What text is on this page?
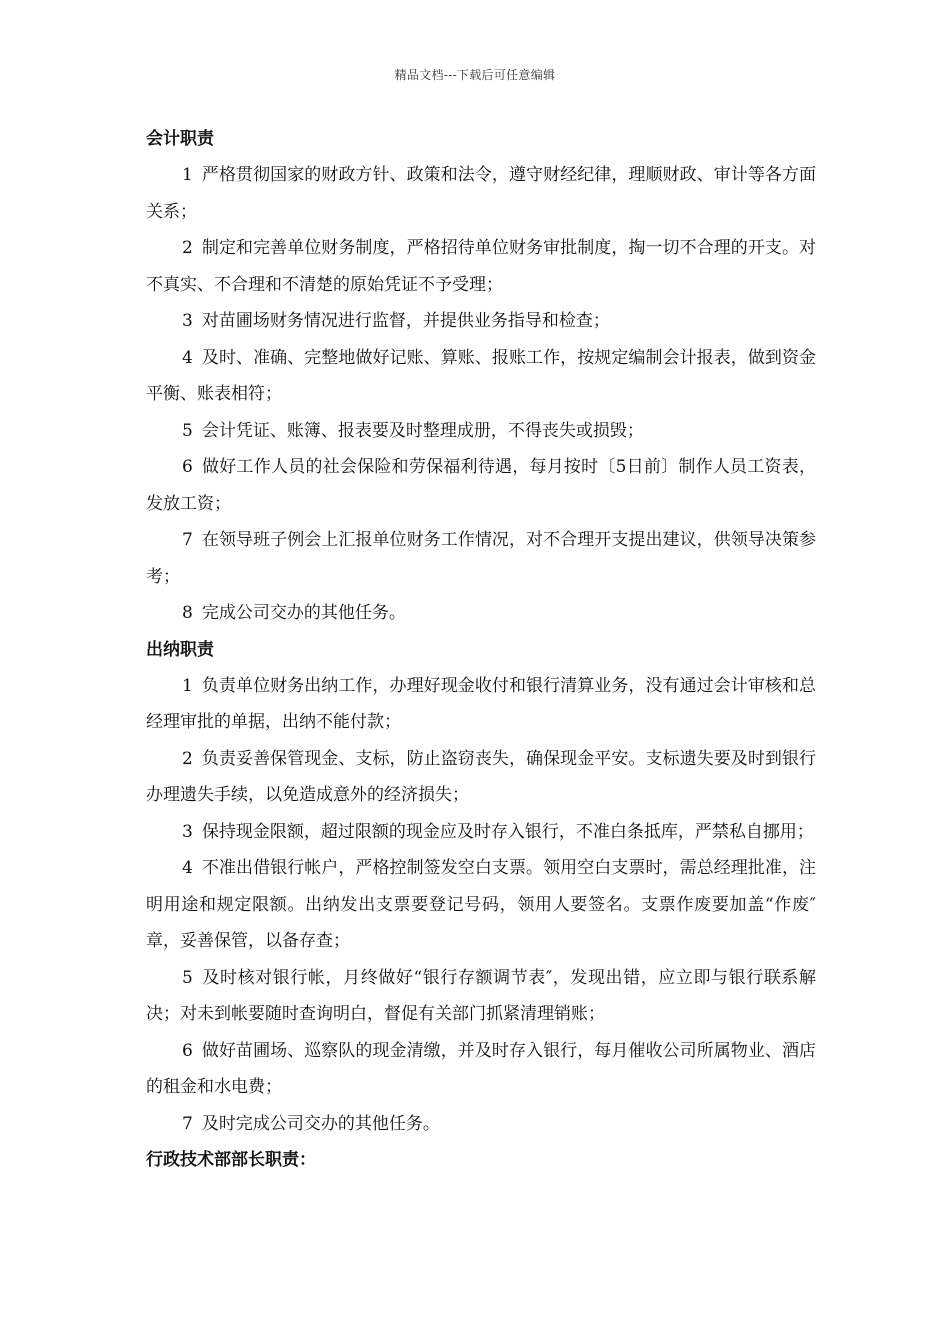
精品文档---下载后可任意编辑
会计职责

1 严格贯彻国家的财政方针、政策和法令，遵守财经纪律，理顺财政、审计等各方面关系；

2 制定和完善单位财务制度，严格招待单位财务审批制度，掏一切不合理的开支。对不真实、不合理和不清楚的原始凭证不予受理；

3 对苗圃场财务情况进行监督，并提供业务指导和检查；

4 及时、准确、完整地做好记账、算账、报账工作，按规定编制会计报表，做到资金平衡、账表相符；

5 会计凭证、账簿、报表要及时整理成册，不得丧失或损毁；

6 做好工作人员的社会保险和劳保福利待遇，每月按时〔5日前〕制作人员工资表，发放工资；

7 在领导班子例会上汇报单位财务工作情况，对不合理开支提出建议，供领导决策参考；

8 完成公司交办的其他任务。

出纳职责

1 负责单位财务出纳工作，办理好现金收付和银行清算业务，没有通过会计审核和总经理审批的单据，出纳不能付款；

2 负责妥善保管现金、支标，防止盗窃丧失，确保现金平安。支标遗失要及时到银行办理遗失手续，以免造成意外的经济损失；

3 保持现金限额，超过限额的现金应及时存入银行，不准白条抵库，严禁私自挪用；

4 不准出借银行帐户，严格控制签发空白支票。领用空白支票时，需总经理批准，注明用途和规定限额。出纳发出支票要登记号码，领用人要签名。支票作废要加盖“作废″章，妥善保管，以备存查；

5 及时核对银行帐，月终做好“银行存额调节表″，发现出错，应立即与银行联系解决；对未到帐要随时查询明白，督促有关部门抓紧清理销账；

6 做好苗圃场、巡察队的现金清缴，并及时存入银行，每月催收公司所属物业、酒店的租金和水电费；

7 及时完成公司交办的其他任务。

行政技术部部长职责：
